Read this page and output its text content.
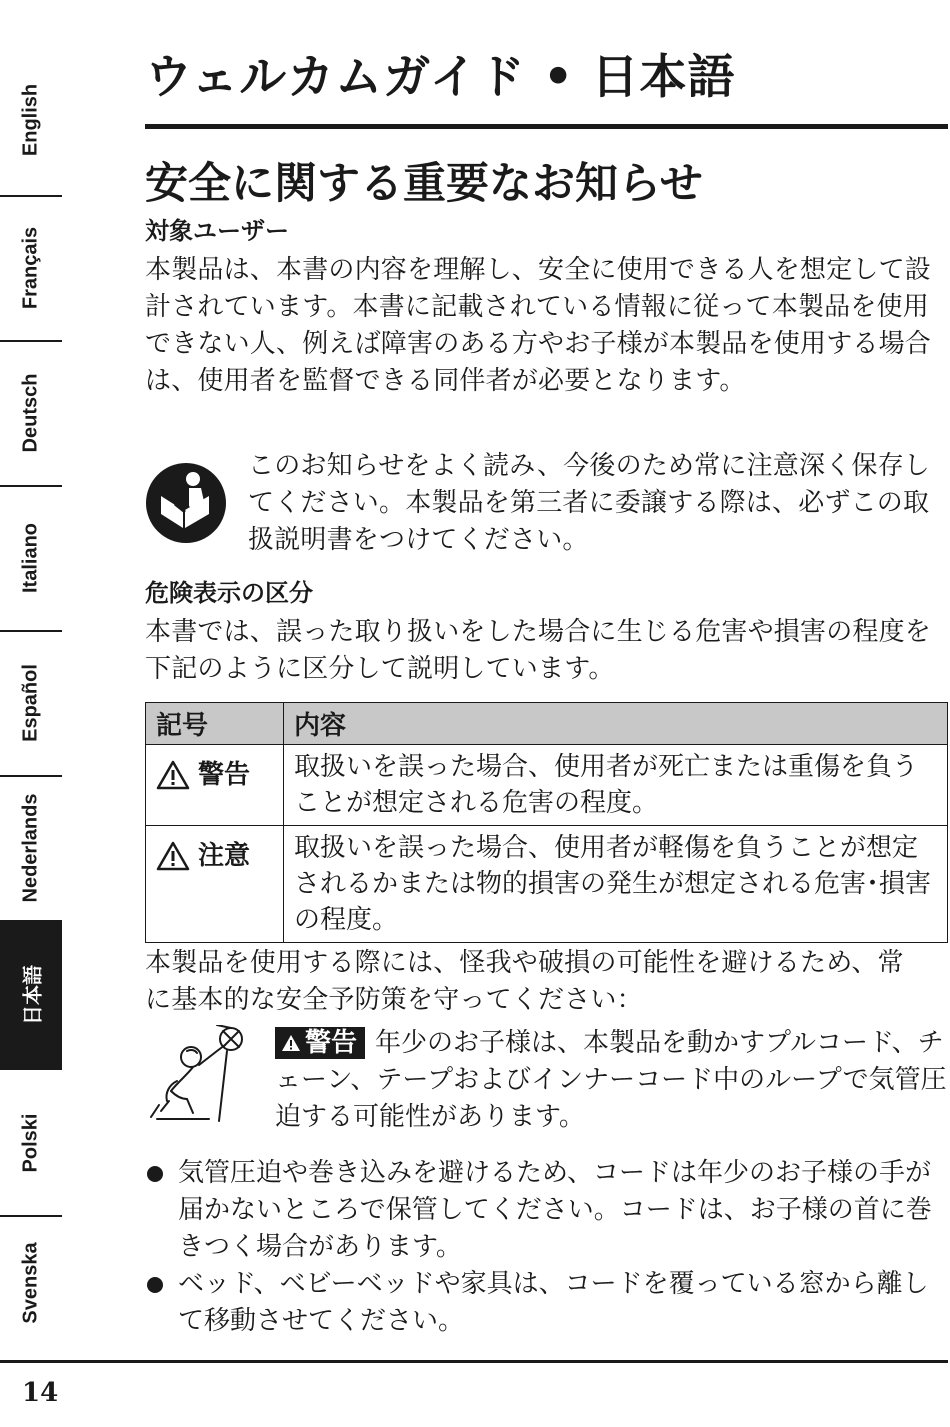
English
Français
Deutsch
Italiano
Español
Nederlands
日本語
Polski
Svenska
ウェルカムガイド • 日本語
安全に関する重要なお知らせ
対象ユーザー

本製品は、本書の内容を理解し、安全に使用できる人を想定して設計されています。本書に記載されている情報に従って本製品を使用できない人、例えば障害のある方やお子様が本製品を使用する場合は、使用者を監督できる同伴者が必要となります。

このお知らせをよく読み、今後のため常に注意深く保存してください。本製品を第三者に委譲する際は、必ずこの取扱説明書をつけてください。

危険表示の区分

本書では、誤った取り扱いをした場合に生じる危害や損害の程度を下記のように区分して説明しています。

記号	内容

警告	取扱いを誤った場合、使用者が死亡または重傷を負うことが想定される危害の程度。

注意	取扱いを誤った場合、使用者が軽傷を負うことが想定されるかまたは物的損害の発生が想定される危害･損害の程度。

本製品を使用する際には、怪我や破損の可能性を避けるため、常に基本的な安全予防策を守ってください：

警告 年少のお子様は、本製品を動かすプルコード、チェーン、テープおよびインナーコード中のループで気管圧迫する可能性があります。

気管圧迫や巻き込みを避けるため、コードは年少のお子様の手が届かないところで保管してください。コードは、お子様の首に巻きつく場合があります。
ベッド、ベビーベッドや家具は、コードを覆っている窓から離して移動させてください。

14
